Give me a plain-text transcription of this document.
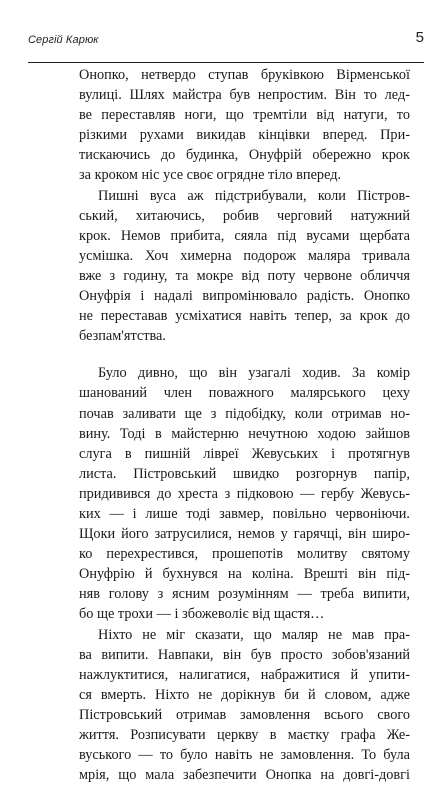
Сергій Карюк	5
Онопко, нетвердо ступав бруківкою Вірменської
вулиці. Шлях майстра був непростим. Він то лед-
ве переставляв ноги, що тремтіли від натуги, то
різкими рухами викидав кінцівки вперед. При-
тискаючись до будинка, Онуфрій обережно крок
за кроком ніс усе своє огрядне тіло вперед.
Пишні вуса аж підстрибували, коли Пістров-
ський, хитаючись, робив черговий натужний
крок. Немов прибита, сяяла під вусами щербата
усмішка. Хоч химерна подорож маляра тривала
вже з годину, та мокре від поту червоне обличчя
Онуфрія і надалі випромінювало радість. Онопко
не переставав усміхатися навіть тепер, за крок до
безпам'ятства.
Було дивно, що він узагалі ходив. За комір
шанований член поважного малярського цеху
почав заливати ще з підобідку, коли отримав но-
вину. Тоді в майстерню нечутною ходою зайшов
слуга в пишній лівреї Жевуських і протягнув
листа. Пістровський швидко розгорнув папір,
придивився до хреста з підковою — гербу Жевусь-
ких — і лише тоді завмер, повільно червоніючи.
Щоки його затрусилися, немов у гарячці, він широ-
ко перехрестився, прошепотів молитву святому
Онуфрію й бухнувся на коліна. Врешті він під-
няв голову з ясним розумінням — треба випити,
бо ще трохи — і збожеволіє від щастя…
Ніхто не міг сказати, що маляр не мав пра-
ва випити. Навпаки, він був просто зобов'язаний
нажлуктитися, налигатися, набражитися й упити-
ся вмерть. Ніхто не дорікнув би й словом, адже
Пістровський отримав замовлення всього свого
життя. Розписувати церкву в маєтку графа Же-
вуського — то було навіть не замовлення. То була
мрія, що мала забезпечити Онопка на довгі-довгі
